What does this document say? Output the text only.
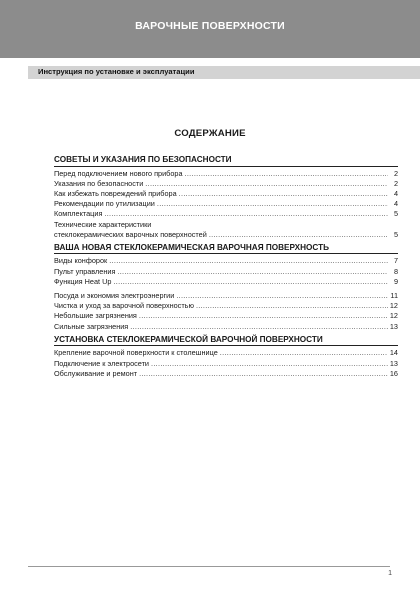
ВАРОЧНЫЕ ПОВЕРХНОСТИ
Инструкция по установке и эксплуатации
СОДЕРЖАНИЕ
СОВЕТЫ И УКАЗАНИЯ ПО БЕЗОПАСНОСТИ
Перед подключением нового прибора .....	2
Указания по безопасности .....	2
Как избежать повреждений прибора .....	4
Рекомендации по утилизации .....	4
Комплектация .....	5
Технические характеристики
стеклокерамических варочных поверхностей .....	5
ВАША НОВАЯ СТЕКЛОКЕРАМИЧЕСКАЯ ВАРОЧНАЯ ПОВЕРХНОСТЬ
Виды конфорок .....	7
Пульт управления .....	8
Функция Heat Up .....	9
Посуда и экономия электроэнергии .....	11
Чистка и уход за варочной поверхностью .....	12
Небольшие загрязнения .....	12
Сильные загрязнения .....	13
УСТАНОВКА СТЕКЛОКЕРАМИЧЕСКОЙ ВАРОЧНОЙ ПОВЕРХНОСТИ
Крепление варочной поверхности к столешнице .....	14
Подключение к электросети .....	13
Обслуживание и ремонт .....	16
1
